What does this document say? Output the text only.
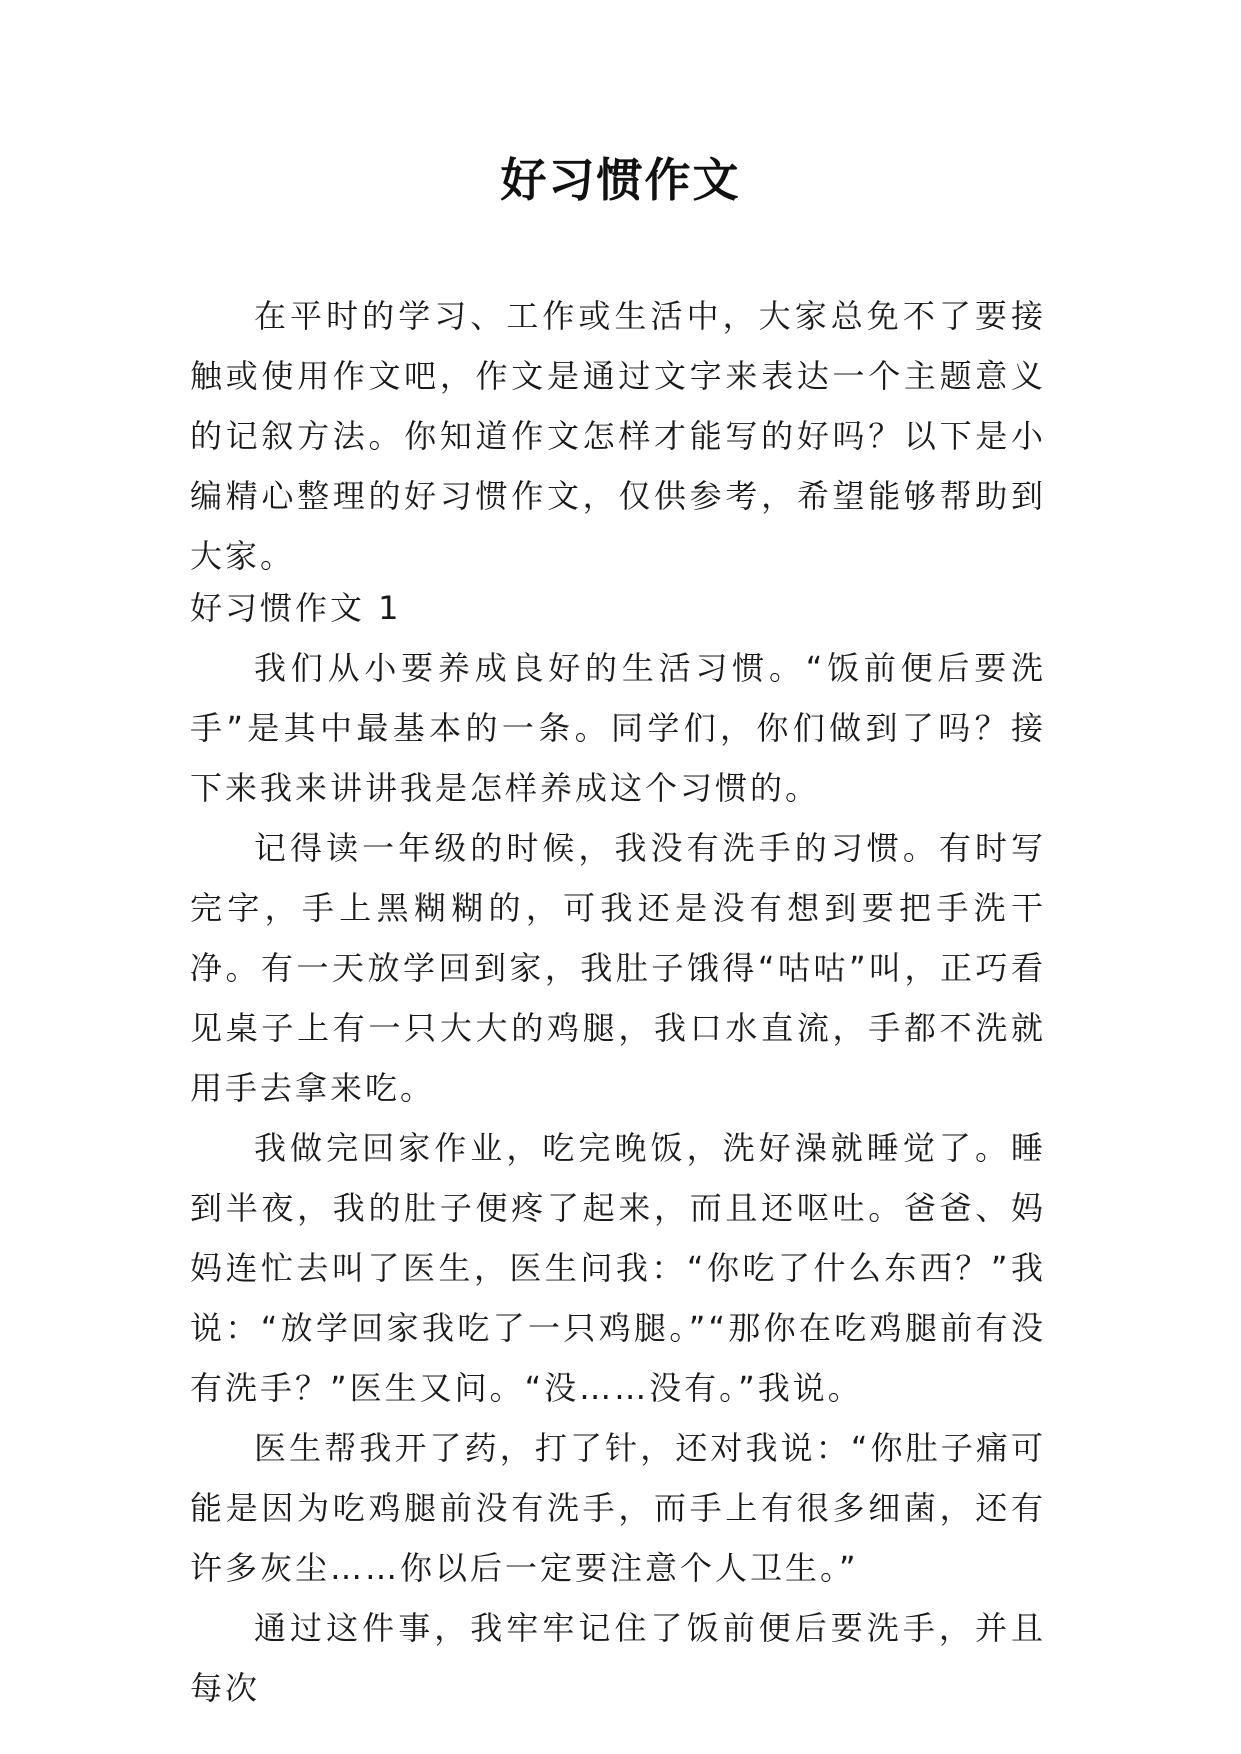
好习惯作文

在平时的学习、工作或生活中，大家总免不了要接触或使用作文吧，作文是通过文字来表达一个主题意义的记叙方法。你知道作文怎样才能写的好吗？以下是小编精心整理的好习惯作文，仅供参考，希望能够帮助到大家。

好习惯作文 1

我们从小要养成良好的生活习惯。“饭前便后要洗手”是其中最基本的一条。同学们，你们做到了吗？接下来我来讲讲我是怎样养成这个习惯的。

记得读一年级的时候，我没有洗手的习惯。有时写完字，手上黑糊糊的，可我还是没有想到要把手洗干净。有一天放学回到家，我肚子饿得“咕咕”叫，正巧看见桌子上有一只大大的鸡腿，我口水直流，手都不洗就用手去拿来吃。

我做完回家作业，吃完晚饭，洗好澡就睡觉了。睡到半夜，我的肚子便疼了起来，而且还呕吐。爸爸、妈妈连忙去叫了医生，医生问我：“你吃了什么东西？”我说：“放学回家我吃了一只鸡腿。”“那你在吃鸡腿前有没有洗手？”医生又问。“没……没有。”我说。

医生帮我开了药，打了针，还对我说：“你肚子痛可能是因为吃鸡腿前没有洗手，而手上有很多细菌，还有许多灰尘……你以后一定要注意个人卫生。”

通过这件事，我牢牢记住了饭前便后要洗手，并且每次
